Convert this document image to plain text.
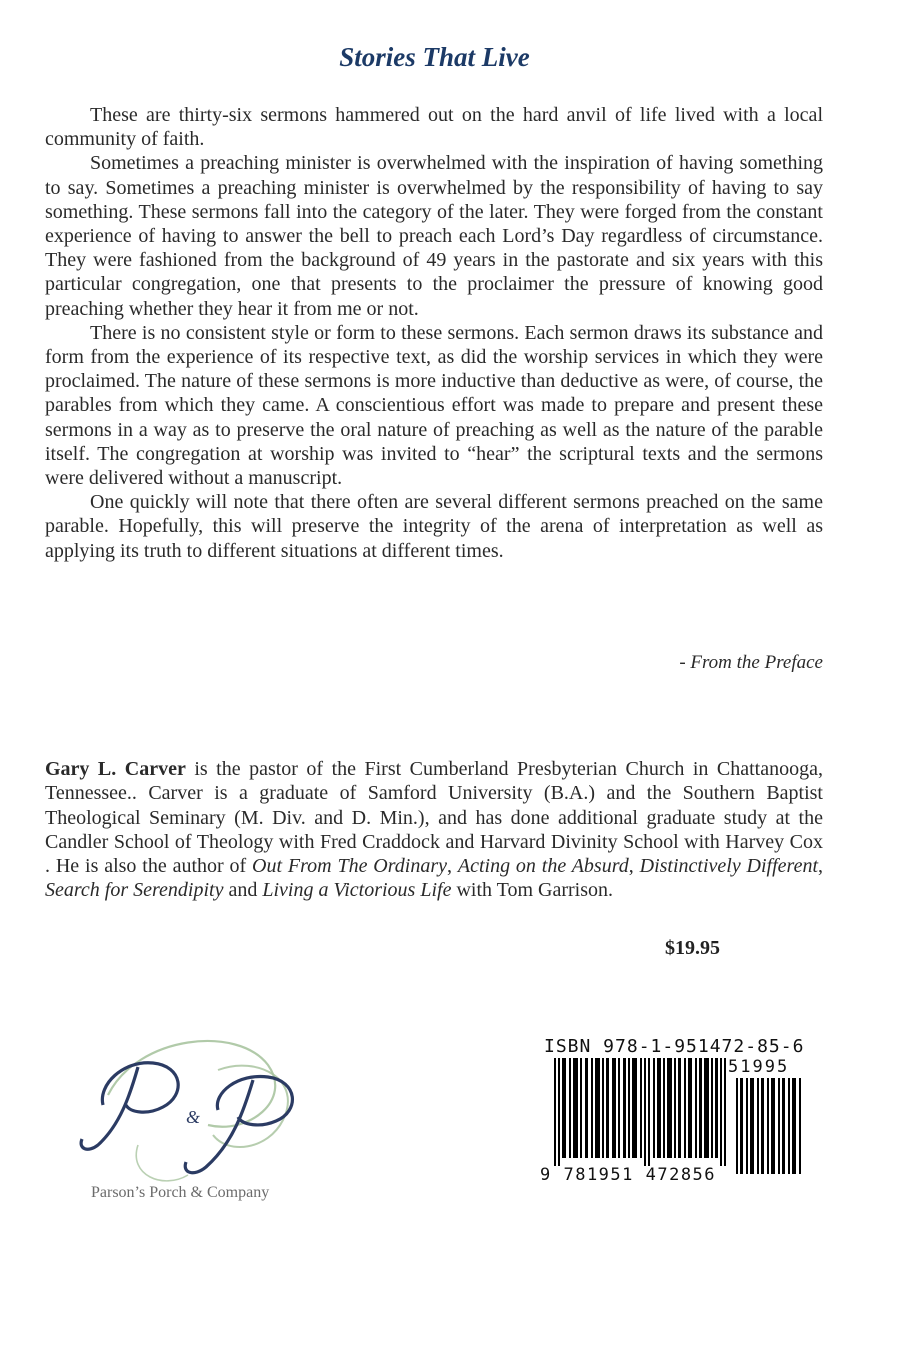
Stories That Live

These are thirty-six sermons hammered out on the hard anvil of life lived with a local community of faith.

Sometimes a preaching minister is overwhelmed with the inspiration of having something to say. Sometimes a preaching minister is overwhelmed by the responsibility of having to say something. These sermons fall into the category of the later. They were forged from the constant experience of having to answer the bell to preach each Lord’s Day regardless of circumstance. They were fashioned from the background of 49 years in the pastorate and six years with this particular congregation, one that presents to the proclaimer the pressure of knowing good preaching whether they hear it from me or not.

There is no consistent style or form to these sermons. Each sermon draws its substance and form from the experience of its respective text, as did the worship services in which they were proclaimed. The nature of these sermons is more inductive than deductive as were, of course, the parables from which they came. A conscientious effort was made to prepare and present these sermons in a way as to preserve the oral nature of preaching as well as the nature of the parable itself. The congregation at worship was invited to “hear” the scriptural texts and the sermons were delivered without a manuscript.

One quickly will note that there often are several different sermons preached on the same parable. Hopefully, this will preserve the integrity of the arena of interpretation as well as applying its truth to different situations at different times.

- From the Preface

Gary L. Carver is the pastor of the First Cumberland Presbyterian Church in Chattanooga, Tennessee.. Carver is a graduate of Samford University (B.A.) and the Southern Baptist Theological Seminary (M. Div. and D. Min.), and has done additional graduate study at the Candler School of Theology with Fred Craddock and Harvard Divinity School with Harvey Cox . He is also the author of Out From The Ordinary, Acting on the Absurd, Distinctively Different, Search for Serendipity and Living a Victorious Life with Tom Garrison.

$19.95
&
Parson’s Porch & Company
ISBN 978-1-951472-85-6
51995
9 781951 472856
